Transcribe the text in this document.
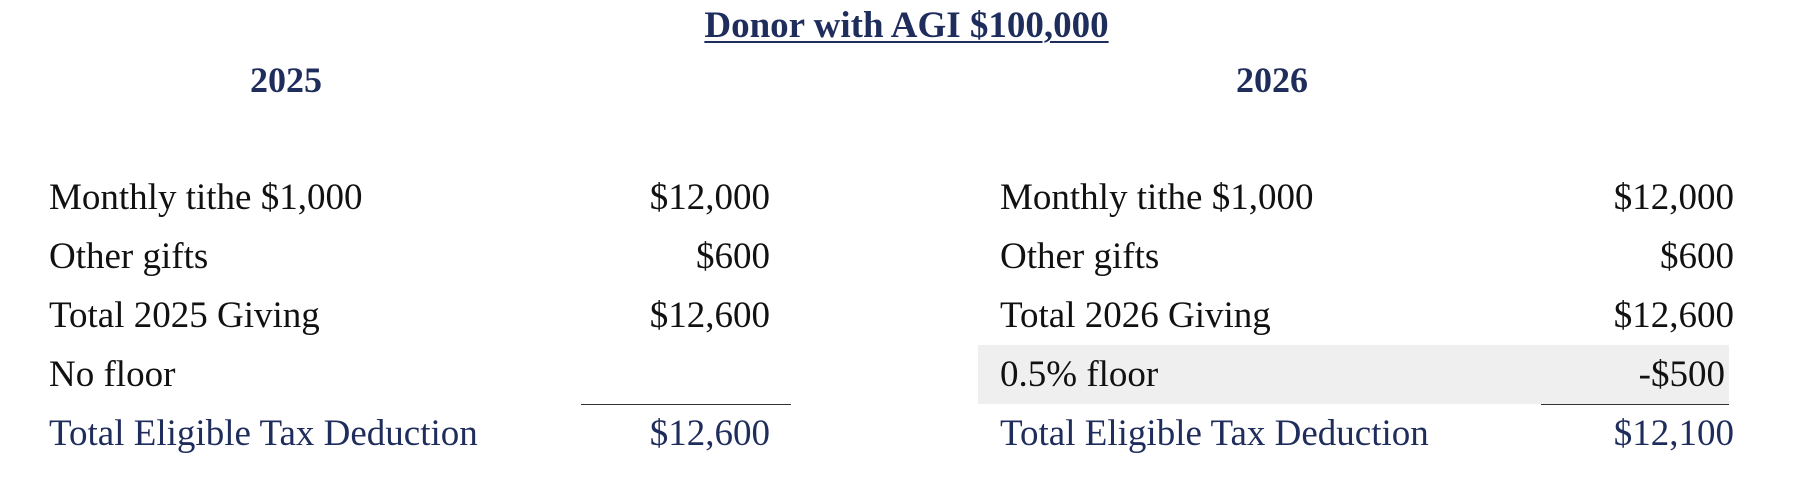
Donor with AGI $100,000
2025	2026
Monthly tithe $1,000	$12,000
Other gifts	$600
Total 2025 Giving	$12,600
No floor
Total Eligible Tax Deduction	$12,600
Monthly tithe $1,000	$12,000
Other gifts	$600
Total 2026 Giving	$12,600
0.5% floor	-$500
Total Eligible Tax Deduction	$12,100
